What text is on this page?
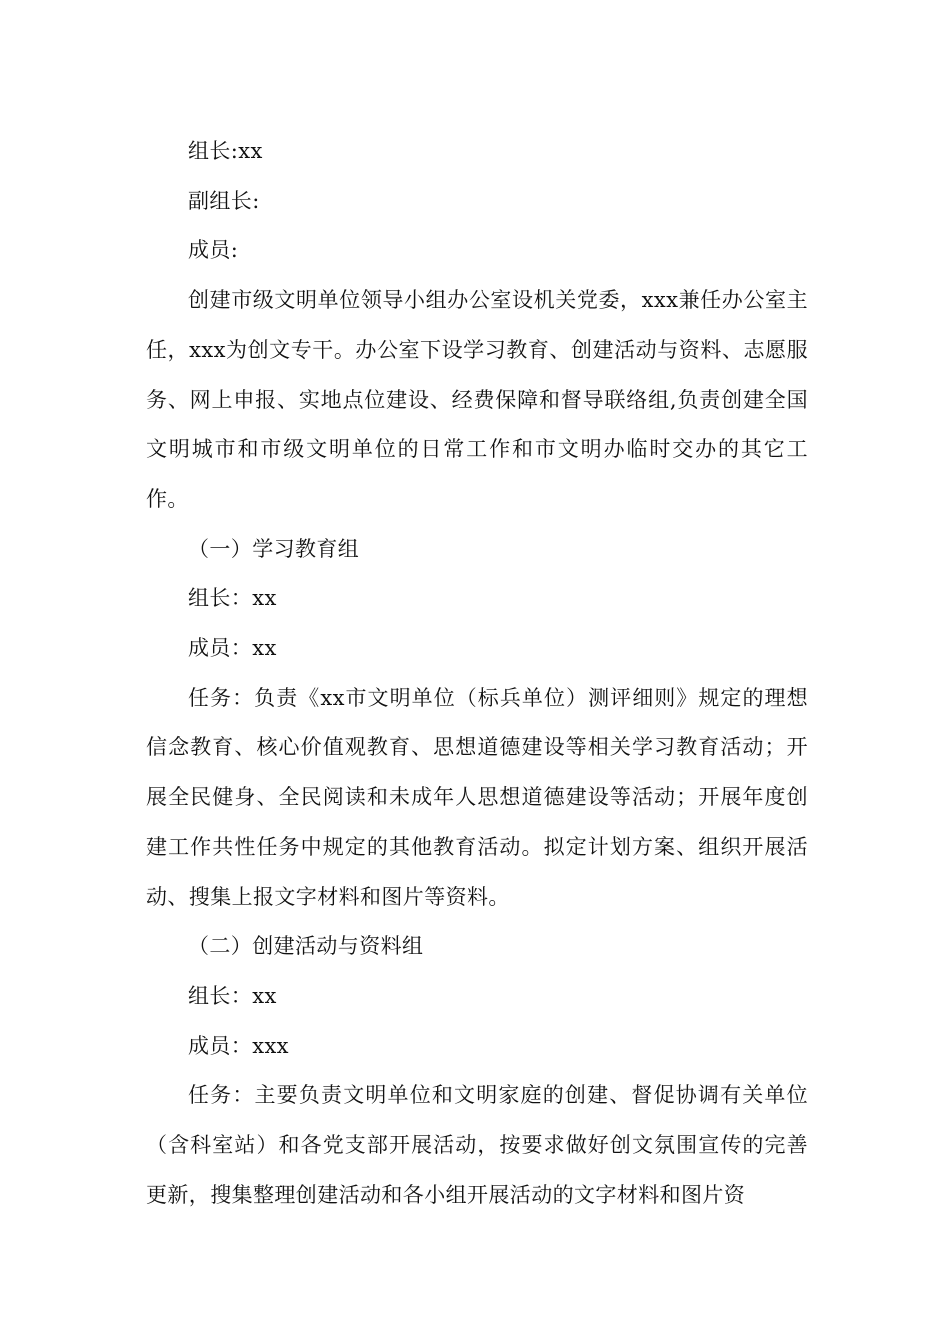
组长:xx

副组长:

成员:

创建市级文明单位领导小组办公室设机关党委，xxx兼任办公室主任，xxx为创文专干。办公室下设学习教育、创建活动与资料、志愿服务、网上申报、实地点位建设、经费保障和督导联络组,负责创建全国文明城市和市级文明单位的日常工作和市文明办临时交办的其它工作。

（一）学习教育组

组长：xx

成员：xx

任务：负责《xx市文明单位（标兵单位）测评细则》规定的理想信念教育、核心价值观教育、思想道德建设等相关学习教育活动；开展全民健身、全民阅读和未成年人思想道德建设等活动；开展年度创建工作共性任务中规定的其他教育活动。拟定计划方案、组织开展活动、搜集上报文字材料和图片等资料。

（二）创建活动与资料组

组长：xx

成员：xxx

任务：主要负责文明单位和文明家庭的创建、督促协调有关单位（含科室站）和各党支部开展活动，按要求做好创文氛围宣传的完善更新，搜集整理创建活动和各小组开展活动的文字材料和图片资
